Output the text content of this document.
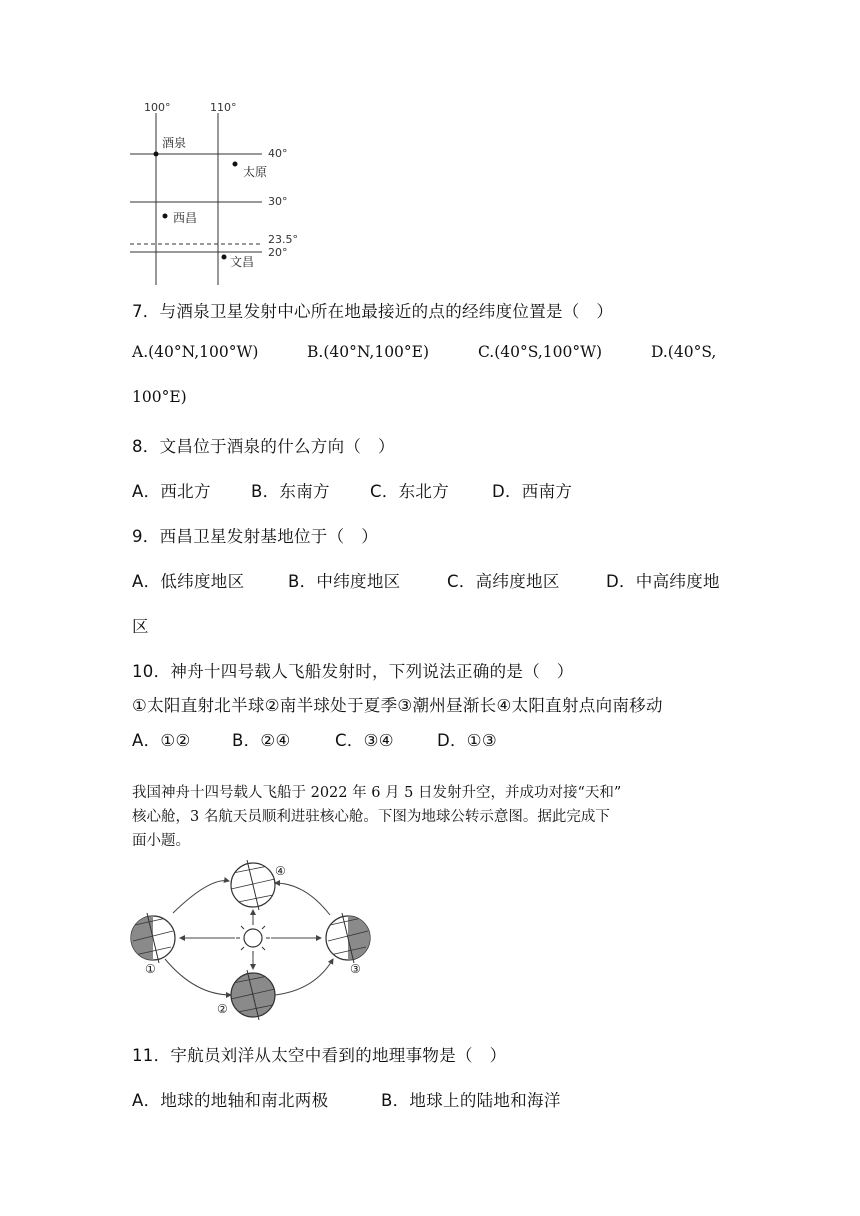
100°	110°
40°
30°
23.5°
20°
酒泉
太原
西昌
文昌
7．与酒泉卫星发射中心所在地最接近的点的经纬度位置是（　）
A.(40°N,100°W)	B.(40°N,100°E)	C.(40°S,100°W)	D.(40°S,
100°E)
8．文昌位于酒泉的什么方向（　）
A．西北方 B．东南方 C．东北方	D．西南方
9．西昌卫星发射基地位于（　）
A．低纬度地区	B．中纬度地区	C．高纬度地区	D．中高纬度地
区
10．神舟十四号载人飞船发射时，下列说法正确的是（　）
①太阳直射北半球②南半球处于夏季③潮州昼渐长④太阳直射点向南移动
A．①②	B．②④	C．③④	D．①③
我国神舟十四号载人飞船于 2022 年 6 月 5 日发射升空，并成功对接“天和”
核心舱，3 名航天员顺利进驻核心舱。下图为地球公转示意图。据此完成下
面小题。
①
②
③
④
11．宇航员刘洋从太空中看到的地理事物是（　）
A．地球的地轴和南北两极	B．地球上的陆地和海洋
